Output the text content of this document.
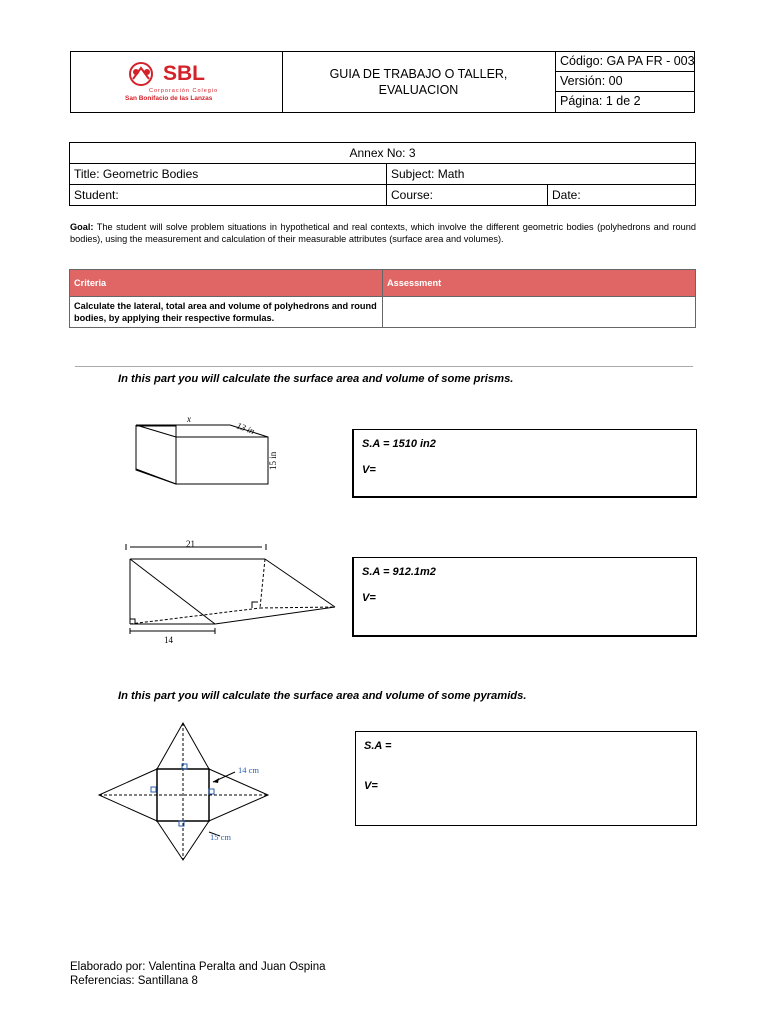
SBL
Corporación Colegio
San Bonifacio de las Lanzas
GUIA DE TRABAJO O TALLER,
EVALUACION
Código: GA PA FR - 003
Versión: 00
Página: 1 de 2
Annex No: 3		
Title: Geometric Bodies	Subject: Math	
Student:	Course:	Date:
Goal: The student will solve problem situations in hypothetical and real contexts, which involve the different geometric bodies (polyhedrons and round bodies), using the measurement and calculation of their measurable attributes (surface area and volumes).
Criteria	Assessment
Calculate the lateral, total area and volume of polyhedrons and round bodies, by applying their respective formulas.	
In this part you will calculate the surface area and volume of some prisms.
x
13 in
15 in
S.A = 1510 in2
V=
21
14
S.A = 912.1m2
V=
In this part you will calculate the surface area and volume of some pyramids.
14 cm
15 cm
S.A =
V=
Elaborado por: Valentina Peralta and Juan Ospina
Referencias: Santillana 8
